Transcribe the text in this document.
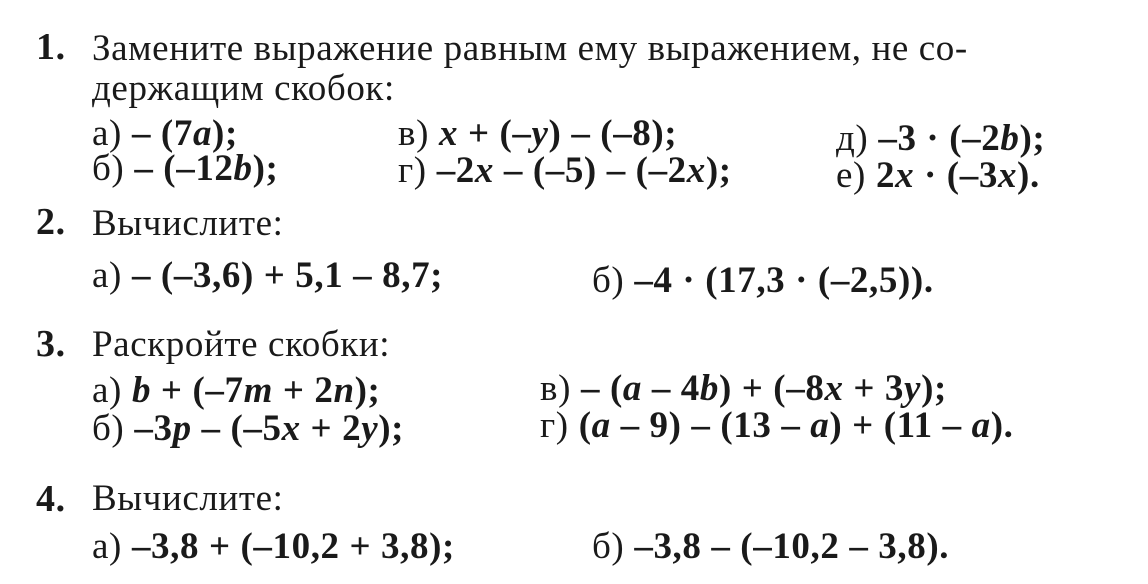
1. Замените выражение равным ему выражением, не со-
держащим скобок:
а) – (7a);
б) – (–12b);
в) x + (–y) – (–8);
г) –2x – (–5) – (–2x);
д) –3 · (–2b);
е) 2x · (–3x).
2. Вычислите:
а) – (–3,6) + 5,1 – 8,7;	б) –4 · (17,3 · (–2,5)).
3. Раскройте скобки:
а) b + (–7m + 2n);
б) –3p – (–5x + 2y);
в) – (a – 4b) + (–8x + 3y);
г) (a – 9) – (13 – a) + (11 – a).
4. Вычислите:
а) –3,8 + (–10,2 + 3,8);	б) –3,8 – (–10,2 – 3,8).
